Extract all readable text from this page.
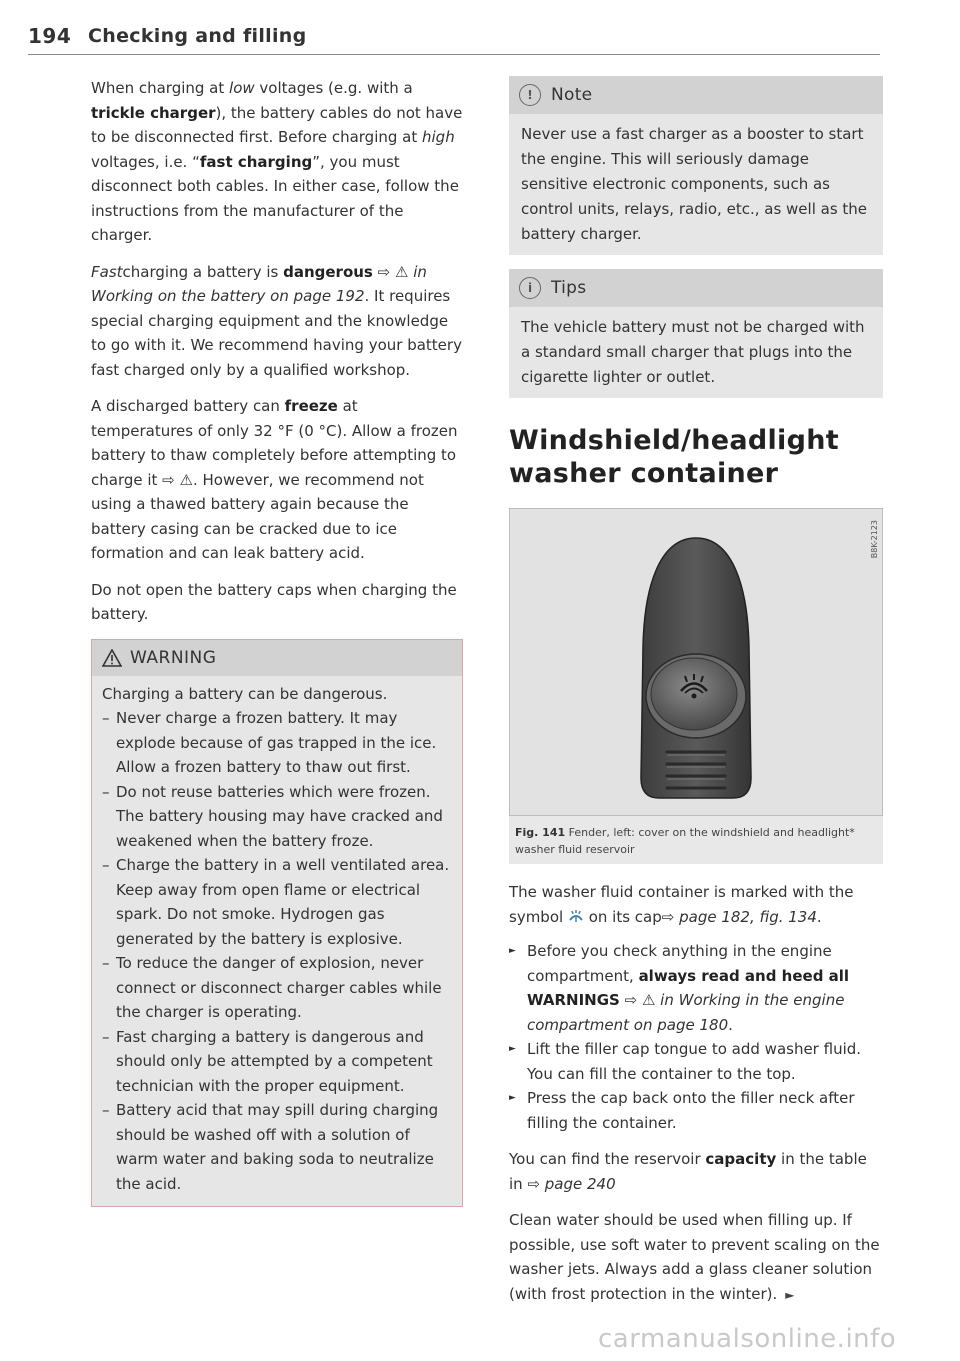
194 Checking and filling

When charging at low voltages (e.g. with a trickle charger), the battery cables do not have to be disconnected first. Before charging at high voltages, i.e. “fast charging”, you must disconnect both cables. In either case, follow the instructions from the manufacturer of the charger.

Fastcharging a battery is dangerous ⇨ ⚠ in Working on the battery on page 192. It requires special charging equipment and the knowledge to go with it. We recommend having your battery fast charged only by a qualified workshop.

A discharged battery can freeze at temperatures of only 32 °F (0 °C). Allow a frozen battery to thaw completely before attempting to charge it ⇨ ⚠. However, we recommend not using a thawed battery again because the battery casing can be cracked due to ice formation and can leak battery acid.

Do not open the battery caps when charging the battery.

WARNING

Charging a battery can be dangerous.

– Never charge a frozen battery. It may explode because of gas trapped in the ice. Allow a frozen battery to thaw out first.
– Do not reuse batteries which were frozen. The battery housing may have cracked and weakened when the battery froze.
– Charge the battery in a well ventilated area. Keep away from open flame or electrical spark. Do not smoke. Hydrogen gas generated by the battery is explosive.
– To reduce the danger of explosion, never connect or disconnect charger cables while the charger is operating.
– Fast charging a battery is dangerous and should only be attempted by a competent technician with the proper equipment.
– Battery acid that may spill during charging should be washed off with a solution of warm water and baking soda to neutralize the acid.
!	Note
Never use a fast charger as a booster to start the engine. This will seriously damage sensitive electronic components, such as control units, relays, radio, etc., as well as the battery charger.
i	Tips
The vehicle battery must not be charged with a standard small charger that plugs into the cigarette lighter or outlet.
Windshield/headlight washer container
B8K-2123
Fig. 141 Fender, left: cover on the windshield and headlight* washer fluid reservoir

The washer fluid container is marked with the symbol  on its cap⇨ page 182, fig. 134.

► Before you check anything in the engine compartment, always read and heed all WARNINGS ⇨ ⚠ in Working in the engine compartment on page 180.
► Lift the filler cap tongue to add washer fluid. You can fill the container to the top.
► Press the cap back onto the filler neck after filling the container.

You can find the reservoir capacity in the table in ⇨ page 240

Clean water should be used when filling up. If possible, use soft water to prevent scaling on the washer jets. Always add a glass cleaner solution (with frost protection in the winter). ►

carmanualsonline.info
